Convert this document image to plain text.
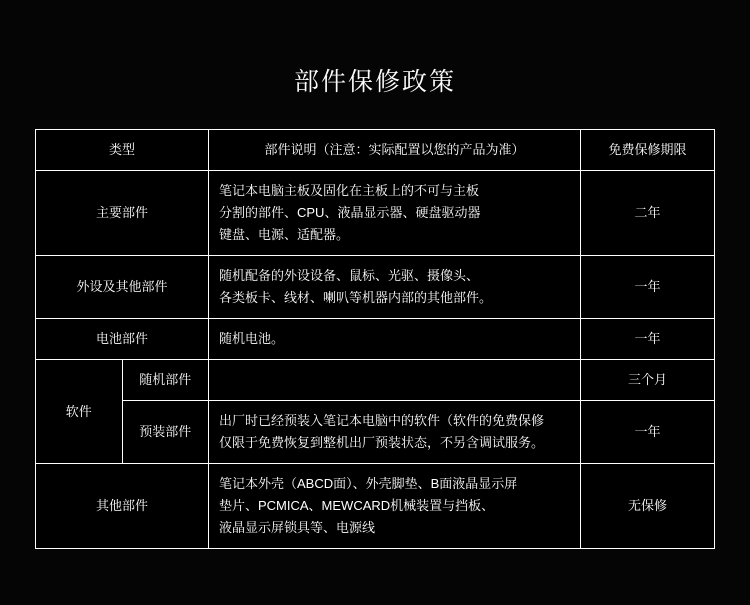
部件保修政策
类型		部件说明（注意：实际配置以您的产品为准）	免费保修期限
主要部件		笔记本电脑主板及固化在主板上的不可与主板
分割的部件、CPU、液晶显示器、硬盘驱动器
键盘、电源、适配器。	二年
外设及其他部件		随机配备的外设设备、鼠标、光驱、摄像头、
各类板卡、线材、喇叭等机器内部的其他部件。	一年
电池部件		随机电池。	一年
软件	随机部件		三个月
	预装部件	出厂时已经预装入笔记本电脑中的软件（软件的免费保修
仅限于免费恢复到整机出厂预装状态，不另含调试服务。	一年
其他部件		笔记本外壳（ABCD面）、外壳脚垫、B面液晶显示屏
垫片、PCMICA、MEWCARD机械装置与挡板、
液晶显示屏锁具等、电源线	无保修
